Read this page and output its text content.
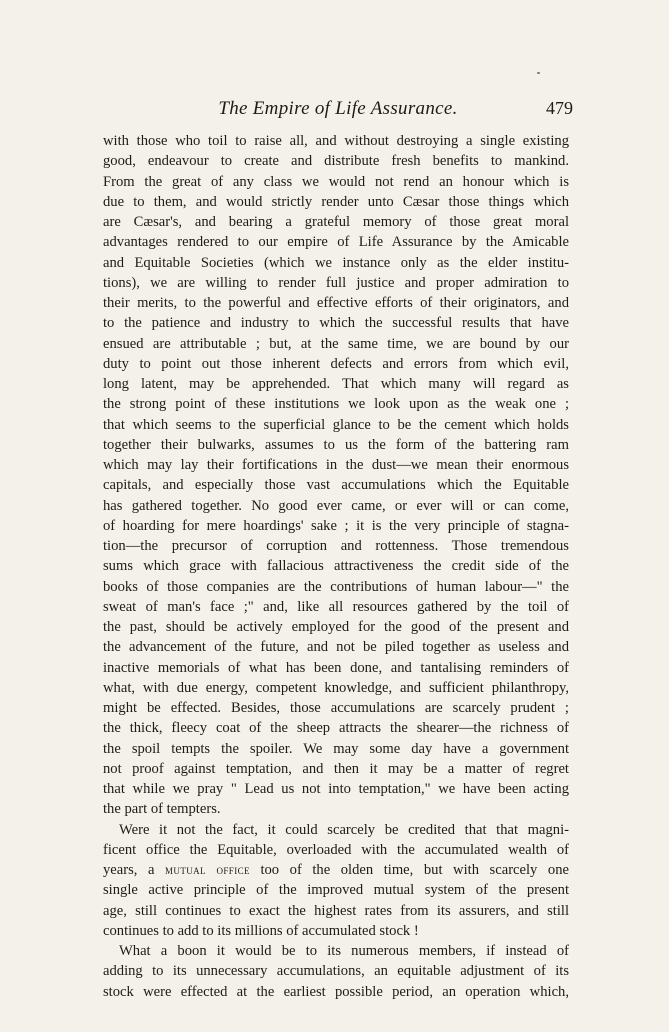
The Empire of Life Assurance.	479
with those who toil to raise all, and without destroying a single existing
good, endeavour to create and distribute fresh benefits to mankind.
From the great of any class we would not rend an honour which is
due to them, and would strictly render unto Cæsar those things which
are Cæsar's, and bearing a grateful memory of those great moral
advantages rendered to our empire of Life Assurance by the Amicable
and Equitable Societies (which we instance only as the elder institu-
tions), we are willing to render full justice and proper admiration to
their merits, to the powerful and effective efforts of their originators, and
to the patience and industry to which the successful results that have
ensued are attributable ; but, at the same time, we are bound by our
duty to point out those inherent defects and errors from which evil,
long latent, may be apprehended. That which many will regard as
the strong point of these institutions we look upon as the weak one ;
that which seems to the superficial glance to be the cement which holds
together their bulwarks, assumes to us the form of the battering ram
which may lay their fortifications in the dust—we mean their enormous
capitals, and especially those vast accumulations which the Equitable
has gathered together. No good ever came, or ever will or can come,
of hoarding for mere hoardings' sake ; it is the very principle of stagna-
tion—the precursor of corruption and rottenness. Those tremendous
sums which grace with fallacious attractiveness the credit side of the
books of those companies are the contributions of human labour—" the
sweat of man's face ;" and, like all resources gathered by the toil of
the past, should be actively employed for the good of the present and
the advancement of the future, and not be piled together as useless and
inactive memorials of what has been done, and tantalising reminders of
what, with due energy, competent knowledge, and sufficient philanthropy,
might be effected. Besides, those accumulations are scarcely prudent ;
the thick, fleecy coat of the sheep attracts the shearer—the richness of
the spoil tempts the spoiler. We may some day have a government
not proof against temptation, and then it may be a matter of regret
that while we pray " Lead us not into temptation," we have been acting
the part of tempters.
Were it not the fact, it could scarcely be credited that that magni-
ficent office the Equitable, overloaded with the accumulated wealth of
years, a mutual office too of the olden time, but with scarcely one
single active principle of the improved mutual system of the present
age, still continues to exact the highest rates from its assurers, and still
continues to add to its millions of accumulated stock !
What a boon it would be to its numerous members, if instead of
adding to its unnecessary accumulations, an equitable adjustment of its
stock were effected at the earliest possible period, an operation which,
